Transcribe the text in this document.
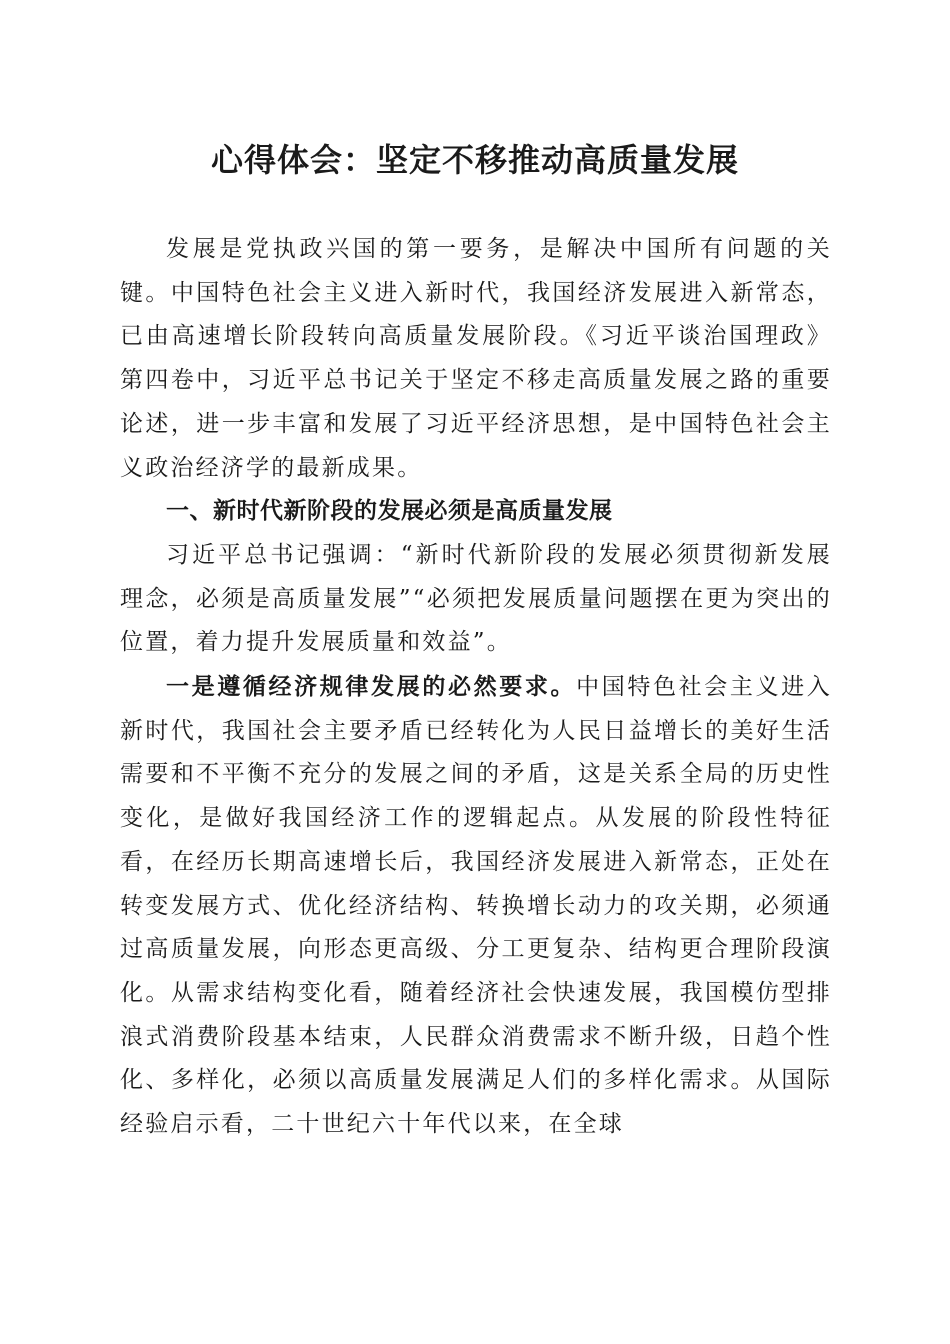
心得体会：坚定不移推动高质量发展

发展是党执政兴国的第一要务，是解决中国所有问题的关键。中国特色社会主义进入新时代，我国经济发展进入新常态，已由高速增长阶段转向高质量发展阶段。《习近平谈治国理政》第四卷中，习近平总书记关于坚定不移走高质量发展之路的重要论述，进一步丰富和发展了习近平经济思想，是中国特色社会主义政治经济学的最新成果。

一、新时代新阶段的发展必须是高质量发展

习近平总书记强调：“新时代新阶段的发展必须贯彻新发展理念，必须是高质量发展”“必须把发展质量问题摆在更为突出的位置，着力提升发展质量和效益”。

一是遵循经济规律发展的必然要求。中国特色社会主义进入新时代，我国社会主要矛盾已经转化为人民日益增长的美好生活需要和不平衡不充分的发展之间的矛盾，这是关系全局的历史性变化，是做好我国经济工作的逻辑起点。从发展的阶段性特征看，在经历长期高速增长后，我国经济发展进入新常态，正处在转变发展方式、优化经济结构、转换增长动力的攻关期，必须通过高质量发展，向形态更高级、分工更复杂、结构更合理阶段演化。从需求结构变化看，随着经济社会快速发展，我国模仿型排浪式消费阶段基本结束，人民群众消费需求不断升级，日趋个性化、多样化，必须以高质量发展满足人们的多样化需求。从国际经验启示看，二十世纪六十年代以来，在全球
